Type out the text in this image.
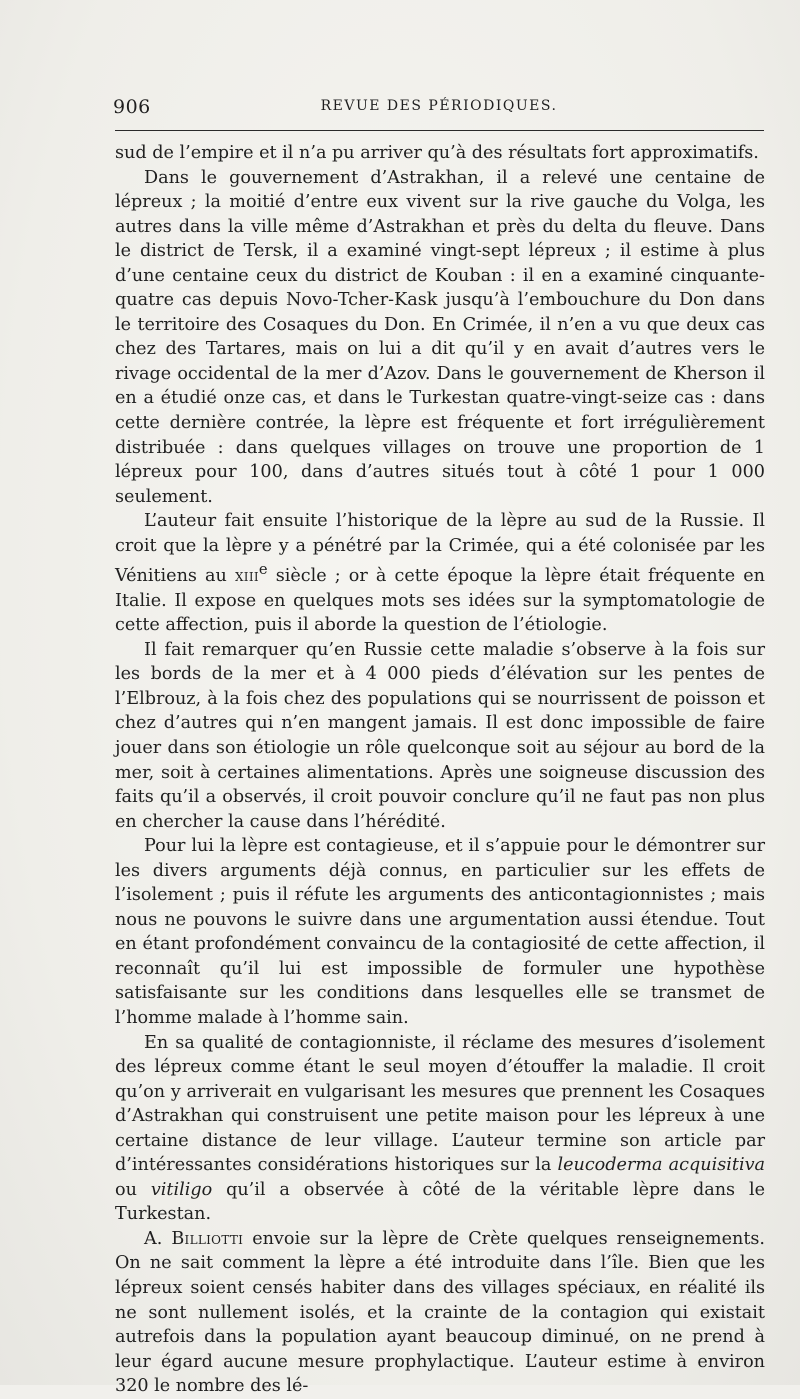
906	REVUE DES PÉRIODIQUES.

sud de l’empire et il n’a pu arriver qu’à des résultats fort approximatifs.

Dans le gouvernement d’Astrakhan, il a relevé une centaine de lépreux ; la moitié d’entre eux vivent sur la rive gauche du Volga, les autres dans la ville même d’Astrakhan et près du delta du fleuve. Dans le district de Tersk, il a examiné vingt-sept lépreux ; il estime à plus d’une centaine ceux du district de Kouban : il en a examiné cinquante-quatre cas depuis Novo-Tcher-Kask jusqu’à l’embouchure du Don dans le territoire des Cosaques du Don. En Crimée, il n’en a vu que deux cas chez des Tartares, mais on lui a dit qu’il y en avait d’autres vers le rivage occidental de la mer d’Azov. Dans le gouvernement de Kherson il en a étudié onze cas, et dans le Turkestan quatre-vingt-seize cas : dans cette dernière contrée, la lèpre est fréquente et fort irrégulièrement distribuée : dans quelques villages on trouve une proportion de 1 lépreux pour 100, dans d’autres situés tout à côté 1 pour 1 000 seulement.

L’auteur fait ensuite l’historique de la lèpre au sud de la Russie. Il croit que la lèpre y a pénétré par la Crimée, qui a été colonisée par les Vénitiens au xiii$^e$ siècle ; or à cette époque la lèpre était fréquente en Italie. Il expose en quelques mots ses idées sur la symptomatologie de cette affection, puis il aborde la question de l’étiologie.

Il fait remarquer qu’en Russie cette maladie s’observe à la fois sur les bords de la mer et à 4 000 pieds d’élévation sur les pentes de l’Elbrouz, à la fois chez des populations qui se nourrissent de poisson et chez d’autres qui n’en mangent jamais. Il est donc impossible de faire jouer dans son étiologie un rôle quelconque soit au séjour au bord de la mer, soit à certaines alimentations. Après une soigneuse discussion des faits qu’il a observés, il croit pouvoir conclure qu’il ne faut pas non plus en chercher la cause dans l’hérédité.

Pour lui la lèpre est contagieuse, et il s’appuie pour le démontrer sur les divers arguments déjà connus, en particulier sur les effets de l’isolement ; puis il réfute les arguments des anticontagionnistes ; mais nous ne pouvons le suivre dans une argumentation aussi étendue. Tout en étant profondément convaincu de la contagiosité de cette affection, il reconnaît qu’il lui est impossible de formuler une hypothèse satisfaisante sur les conditions dans lesquelles elle se transmet de l’homme malade à l’homme sain.

En sa qualité de contagionniste, il réclame des mesures d’isolement des lépreux comme étant le seul moyen d’étouffer la maladie. Il croit qu’on y arriverait en vulgarisant les mesures que prennent les Cosaques d’Astrakhan qui construisent une petite maison pour les lépreux à une certaine distance de leur village. L’auteur termine son article par d’intéressantes considérations historiques sur la leucoderma acquisitiva ou vitiligo qu’il a observée à côté de la véritable lèpre dans le Turkestan.

A. Billiotti envoie sur la lèpre de Crète quelques renseignements. On ne sait comment la lèpre a été introduite dans l’île. Bien que les lépreux soient censés habiter dans des villages spéciaux, en réalité ils ne sont nullement isolés, et la crainte de la contagion qui existait autrefois dans la population ayant beaucoup diminué, on ne prend à leur égard aucune mesure prophylactique. L’auteur estime à environ 320 le nombre des lé-
